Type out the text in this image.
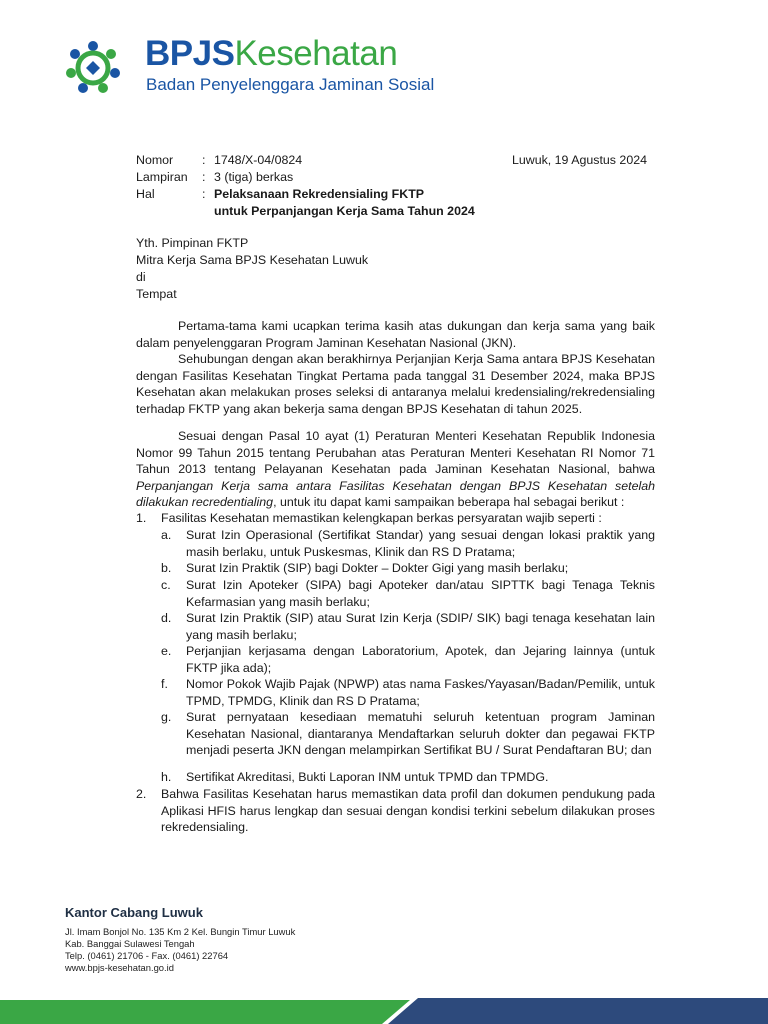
BPJSKesehatan
Badan Penyelenggara Jaminan Sosial
Nomor : 1748/X-04/0824
Lampiran : 3 (tiga) berkas
Hal	: Pelaksanaan Rekredensialing FKTP
untuk Perpanjangan Kerja Sama Tahun 2024
Luwuk, 19 Agustus 2024
Yth. Pimpinan FKTP
Mitra Kerja Sama BPJS Kesehatan Luwuk
di
Tempat
Pertama-tama kami ucapkan terima kasih atas dukungan dan kerja sama yang baik dalam penyelenggaran Program Jaminan Kesehatan Nasional (JKN).
Sehubungan dengan akan berakhirnya Perjanjian Kerja Sama antara BPJS Kesehatan dengan Fasilitas Kesehatan Tingkat Pertama pada tanggal 31 Desember 2024, maka BPJS Kesehatan akan melakukan proses seleksi di antaranya melalui kredensialing/rekredensialing terhadap FKTP yang akan bekerja sama dengan BPJS Kesehatan di tahun 2025.
Sesuai dengan Pasal 10 ayat (1) Peraturan Menteri Kesehatan Republik Indonesia Nomor 99 Tahun 2015 tentang Perubahan atas Peraturan Menteri Kesehatan RI Nomor 71 Tahun 2013 tentang Pelayanan Kesehatan pada Jaminan Kesehatan Nasional, bahwa Perpanjangan Kerja sama antara Fasilitas Kesehatan dengan BPJS Kesehatan setelah dilakukan recredentialing, untuk itu dapat kami sampaikan beberapa hal sebagai berikut :
1. Fasilitas Kesehatan memastikan kelengkapan berkas persyaratan wajib seperti :
a. Surat Izin Operasional (Sertifikat Standar) yang sesuai dengan lokasi praktik yang masih berlaku, untuk Puskesmas, Klinik dan RS D Pratama;
b. Surat Izin Praktik (SIP) bagi Dokter – Dokter Gigi yang masih berlaku;
c. Surat Izin Apoteker (SIPA) bagi Apoteker dan/atau SIPTTK bagi Tenaga Teknis Kefarmasian yang masih berlaku;
d. Surat Izin Praktik (SIP) atau Surat Izin Kerja (SDIP/ SIK) bagi tenaga kesehatan lain yang masih berlaku;
e. Perjanjian kerjasama dengan Laboratorium, Apotek, dan Jejaring lainnya (untuk FKTP jika ada);
f. Nomor Pokok Wajib Pajak (NPWP) atas nama Faskes/Yayasan/Badan/Pemilik, untuk TPMD, TPMDG, Klinik dan RS D Pratama;
g. Surat pernyataan kesediaan mematuhi seluruh ketentuan program Jaminan Kesehatan Nasional, diantaranya Mendaftarkan seluruh dokter dan pegawai FKTP menjadi peserta JKN dengan melampirkan Sertifikat BU / Surat Pendaftaran BU; dan
h. Sertifikat Akreditasi, Bukti Laporan INM untuk TPMD dan TPMDG.
2. Bahwa Fasilitas Kesehatan harus memastikan data profil dan dokumen pendukung pada Aplikasi HFIS harus lengkap dan sesuai dengan kondisi terkini sebelum dilakukan proses rekredensialing.
Kantor Cabang Luwuk
Jl. Imam Bonjol No. 135 Km 2 Kel. Bungin Timur Luwuk
Kab. Banggai Sulawesi Tengah
Telp. (0461) 21706 - Fax. (0461) 22764
www.bpjs-kesehatan.go.id
